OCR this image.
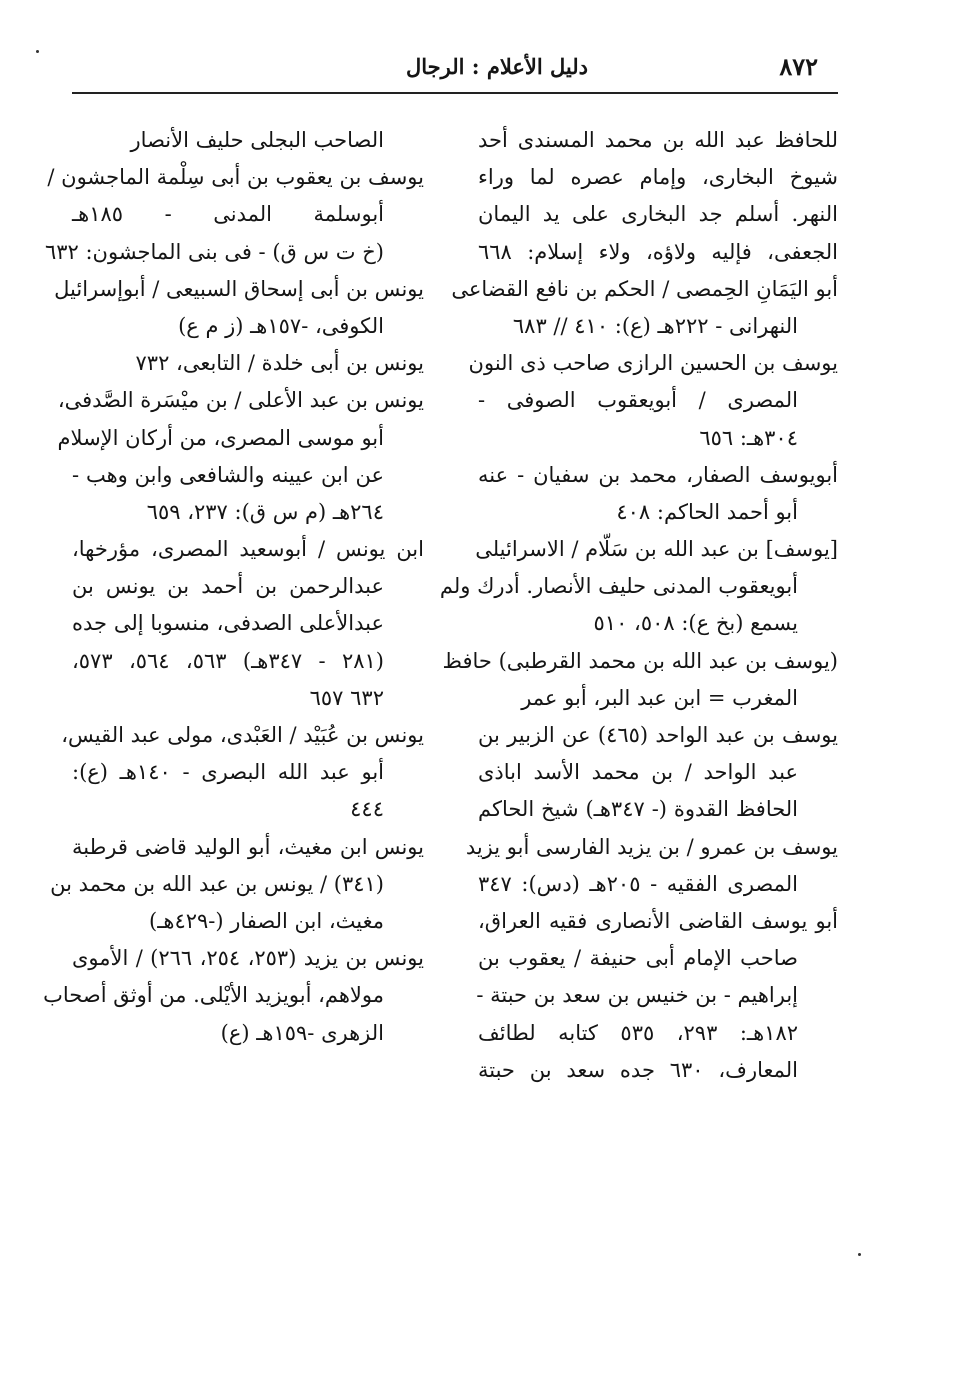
٨٧٢
دليل الأعلام : الرجال
للحافظ عبد الله بن محمد المسندى أحد
شيوخ البخارى، وإمام عصره لما وراء
النهر. أسلم جد البخارى على يد اليمان
الجعفى، فإليه ولاؤه، ولاء إسلام: ٦٦٨
أبو اليَمَانِ الحِمصى / الحكم بن نافع القضاعى
النهرانى - ٢٢٢هـ (ع): ٤١٠ // ٦٨٣
يوسف بن الحسين الرازى صاحب ذى النون
المصرى / أبويعقوب الصوفى -
٣٠٤هـ: ٦٥٦
أبويوسف الصفار، محمد بن سفيان - عنه
أبو أحمد الحاكم: ٤٠٨
[يوسف] بن عبد الله بن سَلّام / الاسرائيلى
أبويعقوب المدنى حليف الأنصار. أدرك ولم
يسمع (بخ ع): ٥٠٨، ٥١٠
(يوسف بن عبد الله بن محمد القرطبى) حافظ
المغرب = ابن عبد البر، أبو عمر
يوسف بن عبد الواحد (٤٦٥) عن الزبير بن
عبد الواحد / بن محمد الأسد اباذى
الحافظ القدوة (- ٣٤٧هـ) شيخ الحاكم
يوسف بن عمرو / بن يزيد الفارسى أبو يزيد
المصرى الفقيه - ٢٠٥هـ (دس): ٣٤٧
أبو يوسف القاضى الأنصارى فقيه العراق،
صاحب الإمام أبى حنيفة / يعقوب بن
إبراهيم - بن خنيس بن سعد بن حبتة -
١٨٢هـ: ٢٩٣، ٥٣٥ كتابه لطائف
المعارف، ٦٣٠ جده سعد بن حبتة
الصاحب البجلى حليف الأنصار
يوسف بن يعقوب بن أبى سِلْمة الماجشون /
أبوسلمة المدنى - ١٨٥هـ
(خ ت س ق) - فى بنى الماجشون: ٦٣٢
يونس بن أبى إسحاق السبيعى / أبوإسرائيل
الكوفى، -١٥٧هـ (ز م ع)
يونس بن أبى خلدة / التابعى، ٧٣٢
يونس بن عبد الأعلى / بن ميْسَرة الصَّدفى،
أبو موسى المصرى، من أركان الإسلام
عن ابن عيينه والشافعى وابن وهب -
٢٦٤هـ (م س ق): ٢٣٧، ٦٥٩
ابن يونس / أبوسعيد المصرى، مؤرخها،
عبدالرحمن بن أحمد بن يونس بن
عبدالأعلى الصدفى، منسوبا إلى جده
(٢٨١ - ٣٤٧هـ) ٥٦٣، ٥٦٤، ٥٧٣،
٦٣٢ ٦٥٧
يونس بن عُبَيْد / العَبْدى، مولى عبد القيس،
أبو عبد الله البصرى - ١٤٠هـ (ع):
٤٤٤
يونس ابن مغيث، أبو الوليد قاضى قرطبة
(٣٤١) / يونس بن عبد الله بن محمد بن
مغيث، ابن الصفار (-٤٢٩هـ)
يونس بن يزيد (٢٥٣، ٢٥٤، ٢٦٦) / الأموى
مولاهم، أبويزيد الأيْلى. من أوثق أصحاب
الزهرى -١٥٩هـ (ع)
